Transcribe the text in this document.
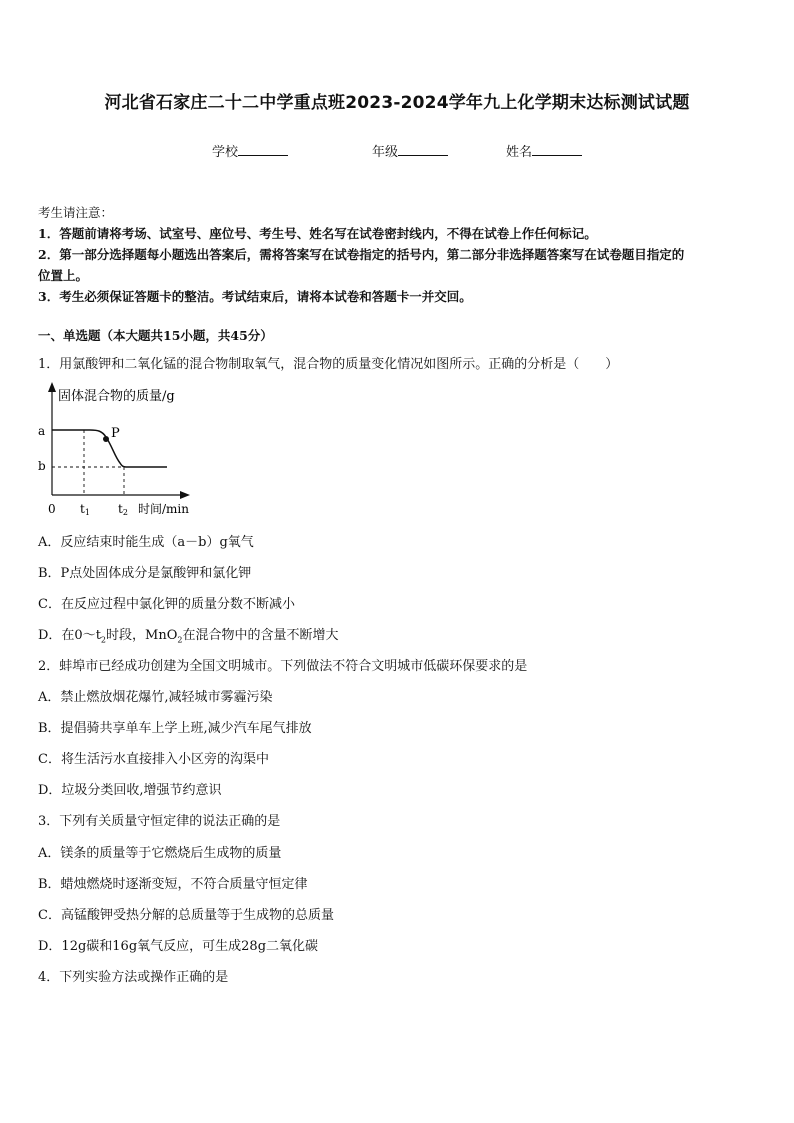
河北省石家庄二十二中学重点班2023-2024学年九上化学期末达标测试试题
学校	年级	姓名
考生请注意：
1．答题前请将考场、试室号、座位号、考生号、姓名写在试卷密封线内，不得在试卷上作任何标记。
2．第一部分选择题每小题选出答案后，需将答案写在试卷指定的括号内，第二部分非选择题答案写在试卷题目指定的
位置上。
3．考生必须保证答题卡的整洁。考试结束后，请将本试卷和答题卡一并交回。
一、单选题（本大题共15小题，共45分）
1．用氯酸钾和二氧化锰的混合物制取氧气，混合物的质量变化情况如图所示。正确的分析是（　　）
固体混合物的质量/g
a
b
P
0 t1 t2 时间/min
A．反应结束时能生成（a－b）g氧气
B．P点处固体成分是氯酸钾和氯化钾
C．在反应过程中氯化钾的质量分数不断减小
D．在$0\sim t_2$时段，MnO$_2$在混合物中的含量不断增大
2．蚌埠市已经成功创建为全国文明城市。下列做法不符合文明城市低碳环保要求的是
A．禁止燃放烟花爆竹,减轻城市雾霾污染
B．提倡骑共享单车上学上班,减少汽车尾气排放
C．将生活污水直接排入小区旁的沟渠中
D．垃圾分类回收,增强节约意识
3．下列有关质量守恒定律的说法正确的是
A．镁条的质量等于它燃烧后生成物的质量
B．蜡烛燃烧时逐渐变短，不符合质量守恒定律
C．高锰酸钾受热分解的总质量等于生成物的总质量
D．12g碳和16g氧气反应，可生成28g二氧化碳
4．下列实验方法或操作正确的是
